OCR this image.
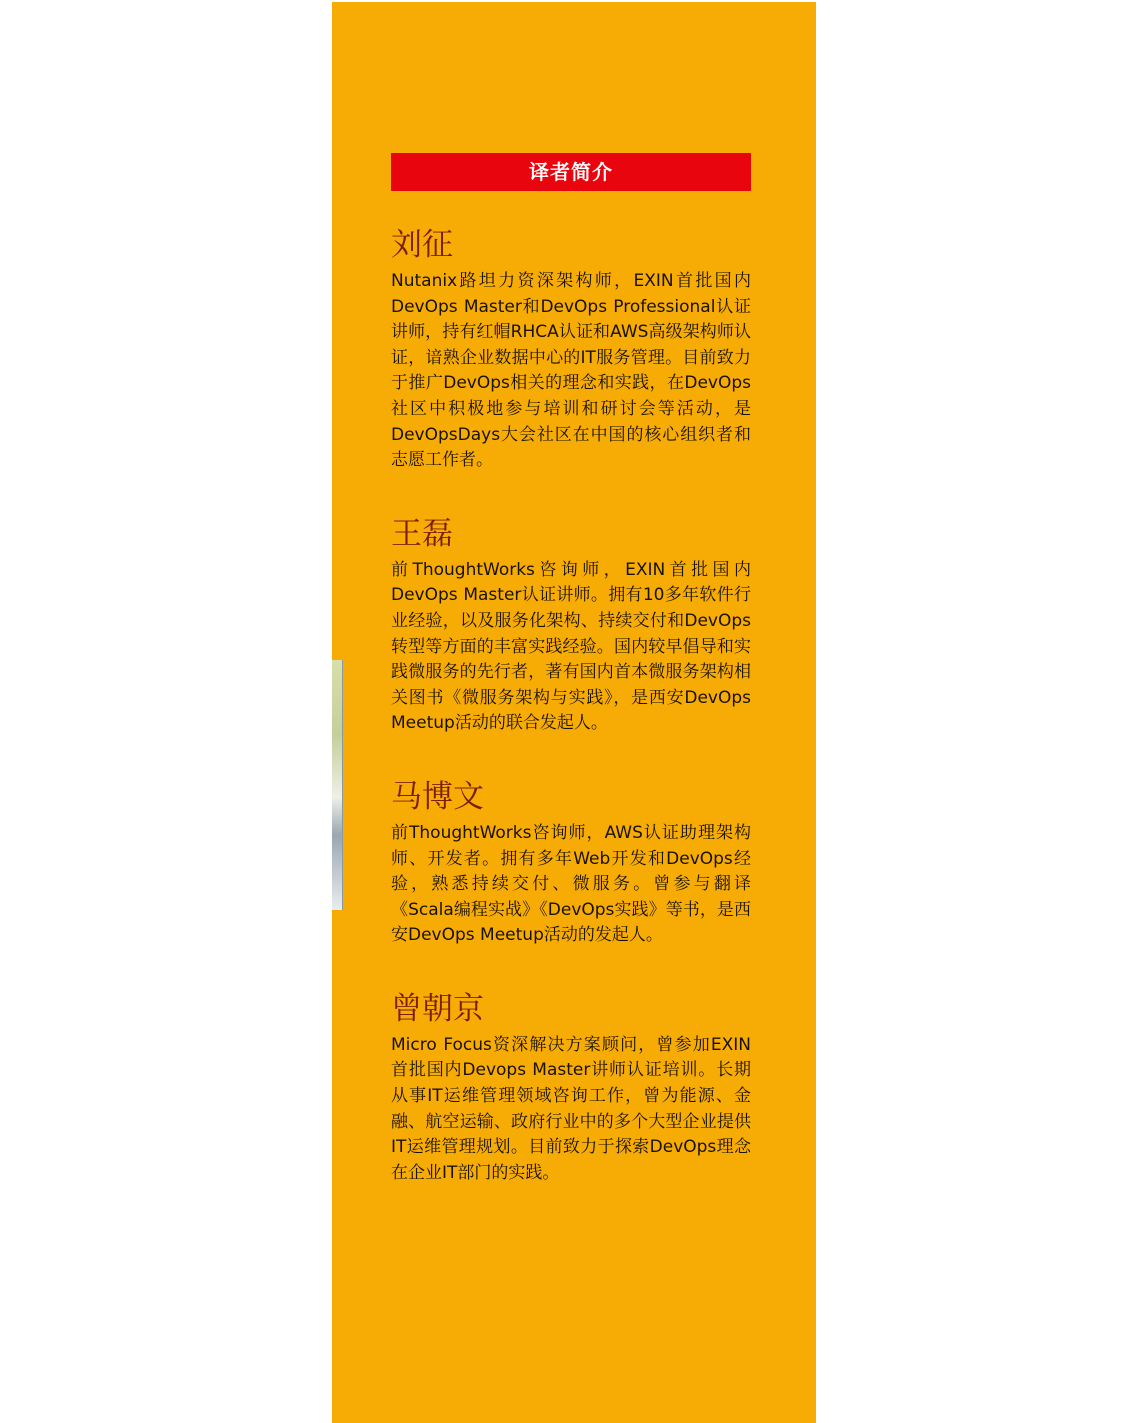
译者简介
刘征

Nutanix路坦力资深架构师，EXIN首批国内DevOps Master和DevOps Professional认证讲师，持有红帽RHCA认证和AWS高级架构师认证，谙熟企业数据中心的IT服务管理。目前致力于推广DevOps相关的理念和实践，在DevOps社区中积极地参与培训和研讨会等活动，是DevOpsDays大会社区在中国的核心组织者和志愿工作者。

王磊

前ThoughtWorks咨询师，EXIN首批国内DevOps Master认证讲师。拥有10多年软件行业经验，以及服务化架构、持续交付和DevOps转型等方面的丰富实践经验。国内较早倡导和实践微服务的先行者，著有国内首本微服务架构相关图书《微服务架构与实践》，是西安DevOps Meetup活动的联合发起人。

马博文

前ThoughtWorks咨询师，AWS认证助理架构师、开发者。拥有多年Web开发和DevOps经验，熟悉持续交付、微服务。曾参与翻译《Scala编程实战》《DevOps实践》等书，是西安DevOps Meetup活动的发起人。

曾朝京

Micro Focus资深解决方案顾问，曾参加EXIN首批国内Devops Master讲师认证培训。长期从事IT运维管理领域咨询工作，曾为能源、金融、航空运输、政府行业中的多个大型企业提供IT运维管理规划。目前致力于探索DevOps理念在企业IT部门的实践。
